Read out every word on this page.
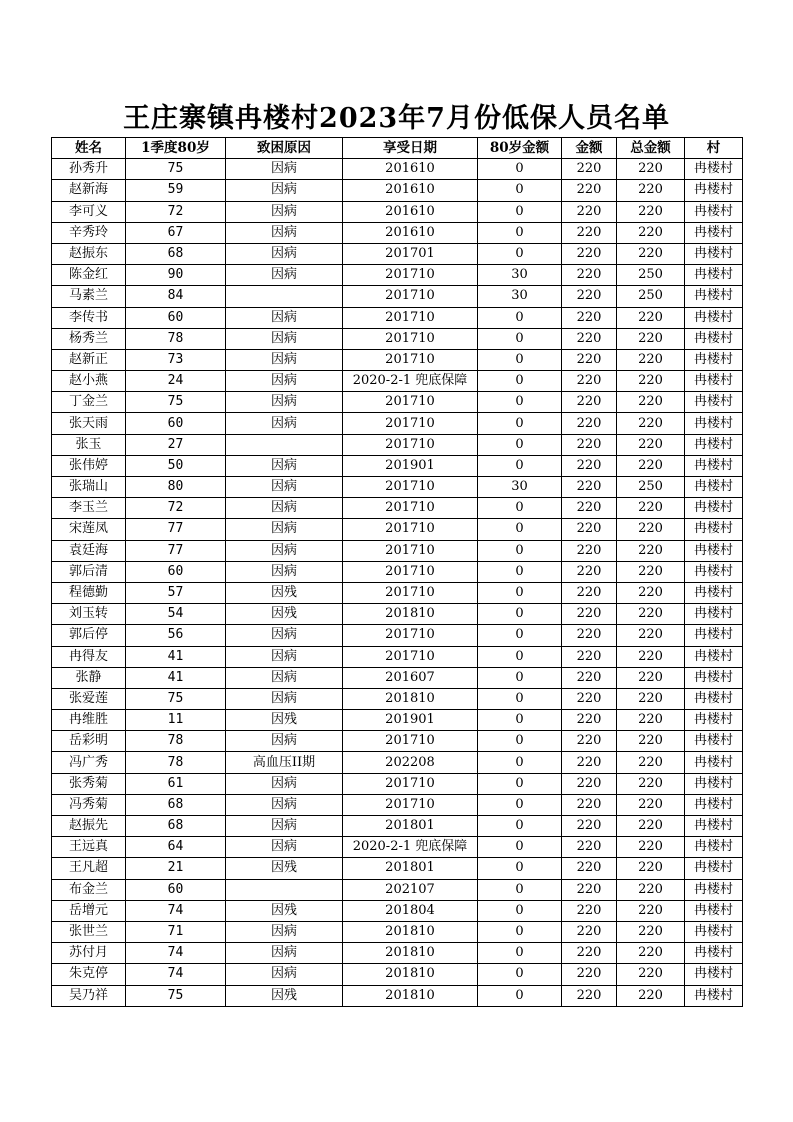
王庄寨镇冉楼村2023年7月份低保人员名单
姓名	1季度80岁	致困原因	享受日期	80岁金额	金额	总金额	村
孙秀升	75	因病	201610	0	220	220	冉楼村
赵新海	59	因病	201610	0	220	220	冉楼村
李可义	72	因病	201610	0	220	220	冉楼村
辛秀玲	67	因病	201610	0	220	220	冉楼村
赵振东	68	因病	201701	0	220	220	冉楼村
陈金红	90	因病	201710	30	220	250	冉楼村
马素兰	84		201710	30	220	250	冉楼村
李传书	60	因病	201710	0	220	220	冉楼村
杨秀兰	78	因病	201710	0	220	220	冉楼村
赵新正	73	因病	201710	0	220	220	冉楼村
赵小燕	24	因病	2020-2-1 兜底保障	0	220	220	冉楼村
丁金兰	75	因病	201710	0	220	220	冉楼村
张天雨	60	因病	201710	0	220	220	冉楼村
张玉	27		201710	0	220	220	冉楼村
张伟婷	50	因病	201901	0	220	220	冉楼村
张瑞山	80	因病	201710	30	220	250	冉楼村
李玉兰	72	因病	201710	0	220	220	冉楼村
宋莲凤	77	因病	201710	0	220	220	冉楼村
袁廷海	77	因病	201710	0	220	220	冉楼村
郭后清	60	因病	201710	0	220	220	冉楼村
程德勤	57	因残	201710	0	220	220	冉楼村
刘玉转	54	因残	201810	0	220	220	冉楼村
郭后停	56	因病	201710	0	220	220	冉楼村
冉得友	41	因病	201710	0	220	220	冉楼村
张静	41	因病	201607	0	220	220	冉楼村
张爱莲	75	因病	201810	0	220	220	冉楼村
冉维胜	11	因残	201901	0	220	220	冉楼村
岳彩明	78	因病	201710	0	220	220	冉楼村
冯广秀	78	高血压II期	202208	0	220	220	冉楼村
张秀菊	61	因病	201710	0	220	220	冉楼村
冯秀菊	68	因病	201710	0	220	220	冉楼村
赵振先	68	因病	201801	0	220	220	冉楼村
王远真	64	因病	2020-2-1 兜底保障	0	220	220	冉楼村
王凡超	21	因残	201801	0	220	220	冉楼村
布金兰	60		202107	0	220	220	冉楼村
岳增元	74	因残	201804	0	220	220	冉楼村
张世兰	71	因病	201810	0	220	220	冉楼村
苏付月	74	因病	201810	0	220	220	冉楼村
朱克停	74	因病	201810	0	220	220	冉楼村
吴乃祥	75	因残	201810	0	220	220	冉楼村
